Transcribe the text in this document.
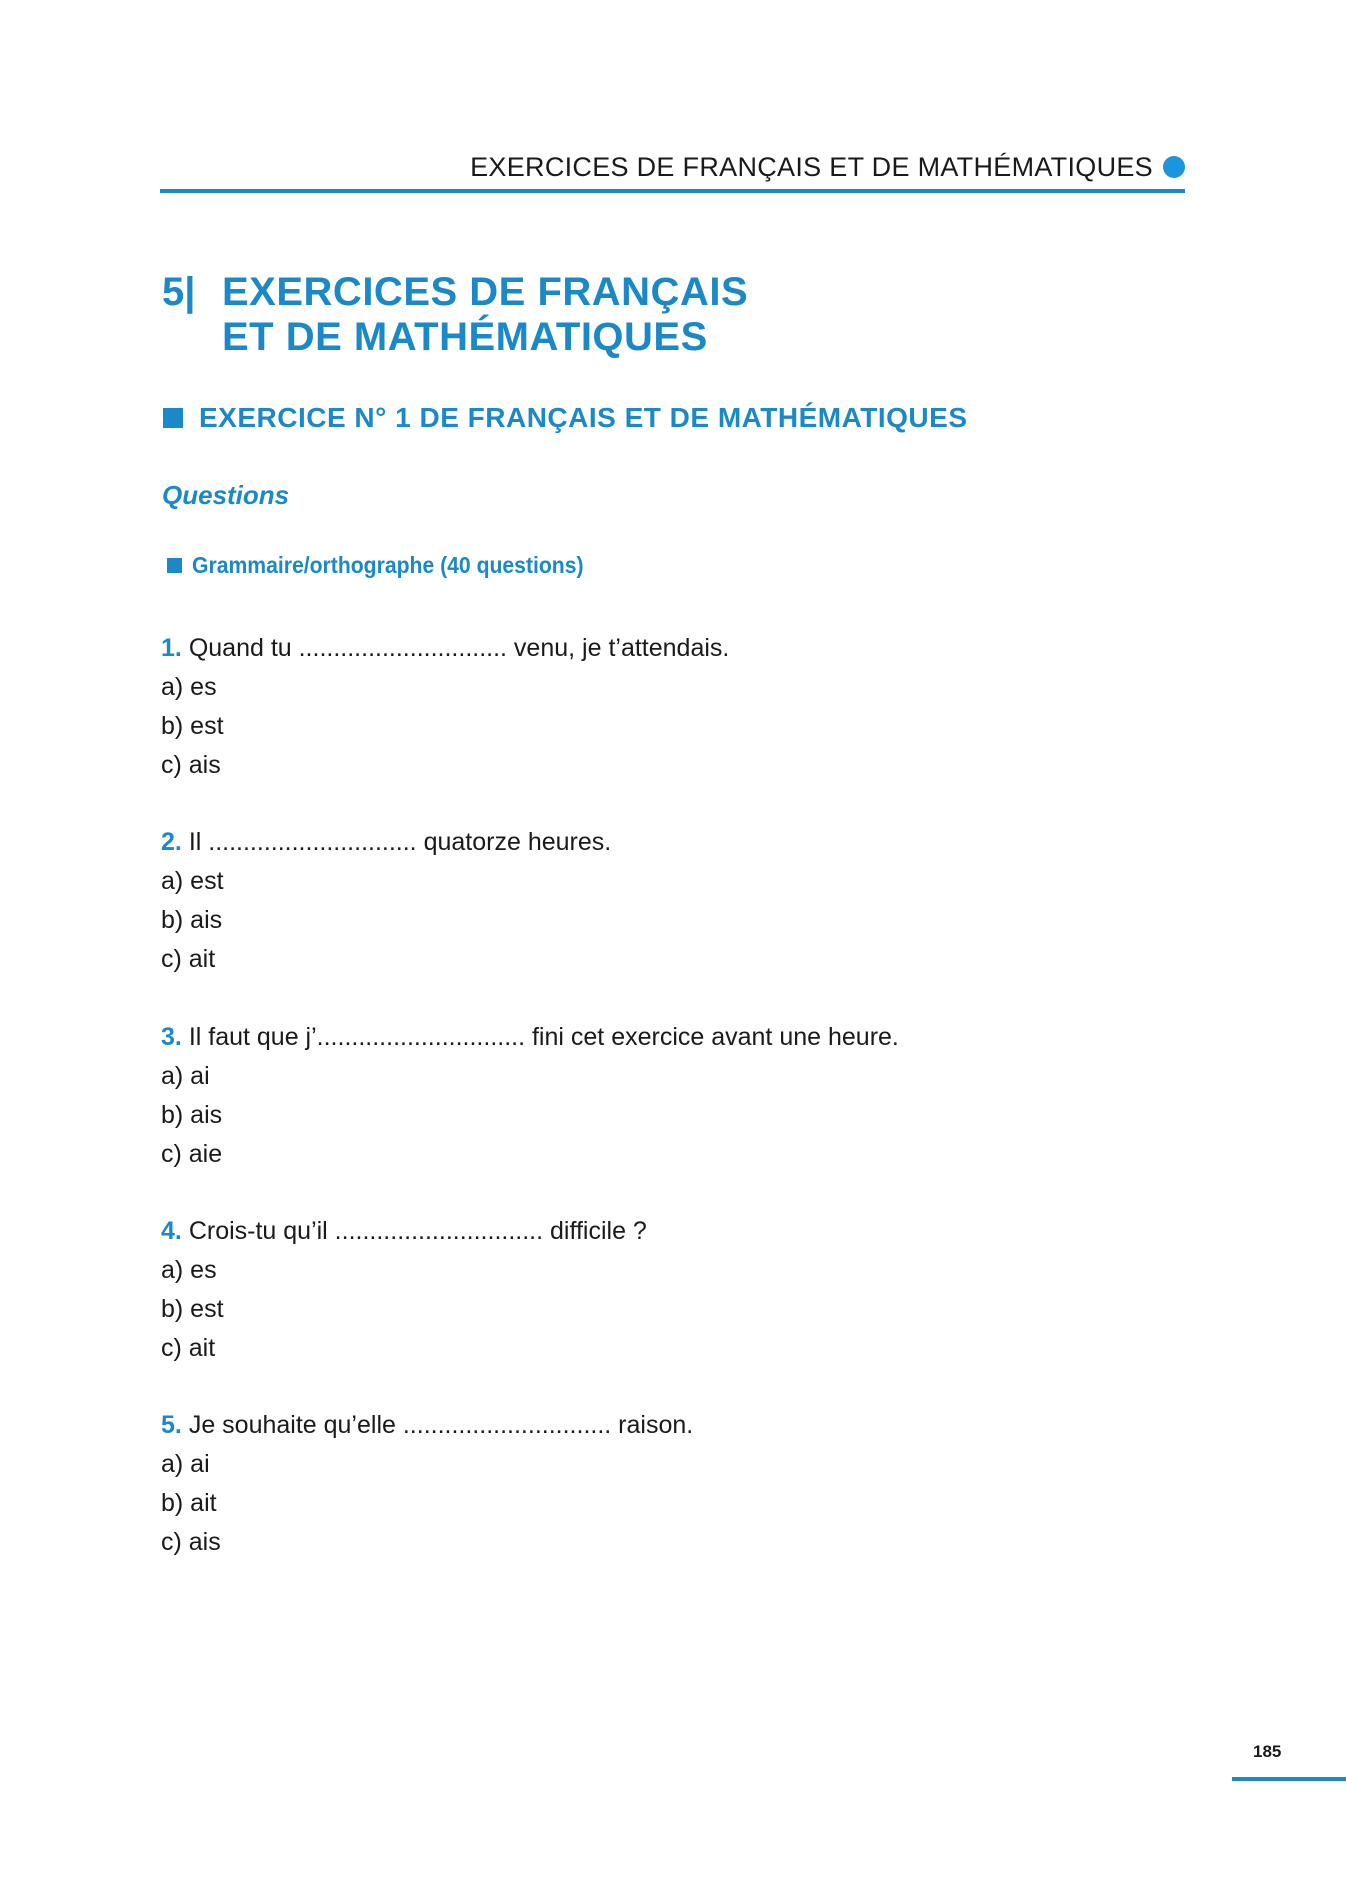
EXERCICES DE FRANÇAIS ET DE MATHÉMATIQUES
5| EXERCICES DE FRANÇAIS
ET DE MATHÉMATIQUES
EXERCICE N° 1 DE FRANÇAIS ET DE MATHÉMATIQUES
Questions
Grammaire/orthographe (40 questions)
1. Quand tu .............................. venu, je t’attendais.
a) es
b) est
c) ais
2. Il .............................. quatorze heures.
a) est
b) ais
c) ait
3. Il faut que j’.............................. fini cet exercice avant une heure.
a) ai
b) ais
c) aie
4. Crois-tu qu’il .............................. difficile ?
a) es
b) est
c) ait
5. Je souhaite qu’elle .............................. raison.
a) ai
b) ait
c) ais
185
